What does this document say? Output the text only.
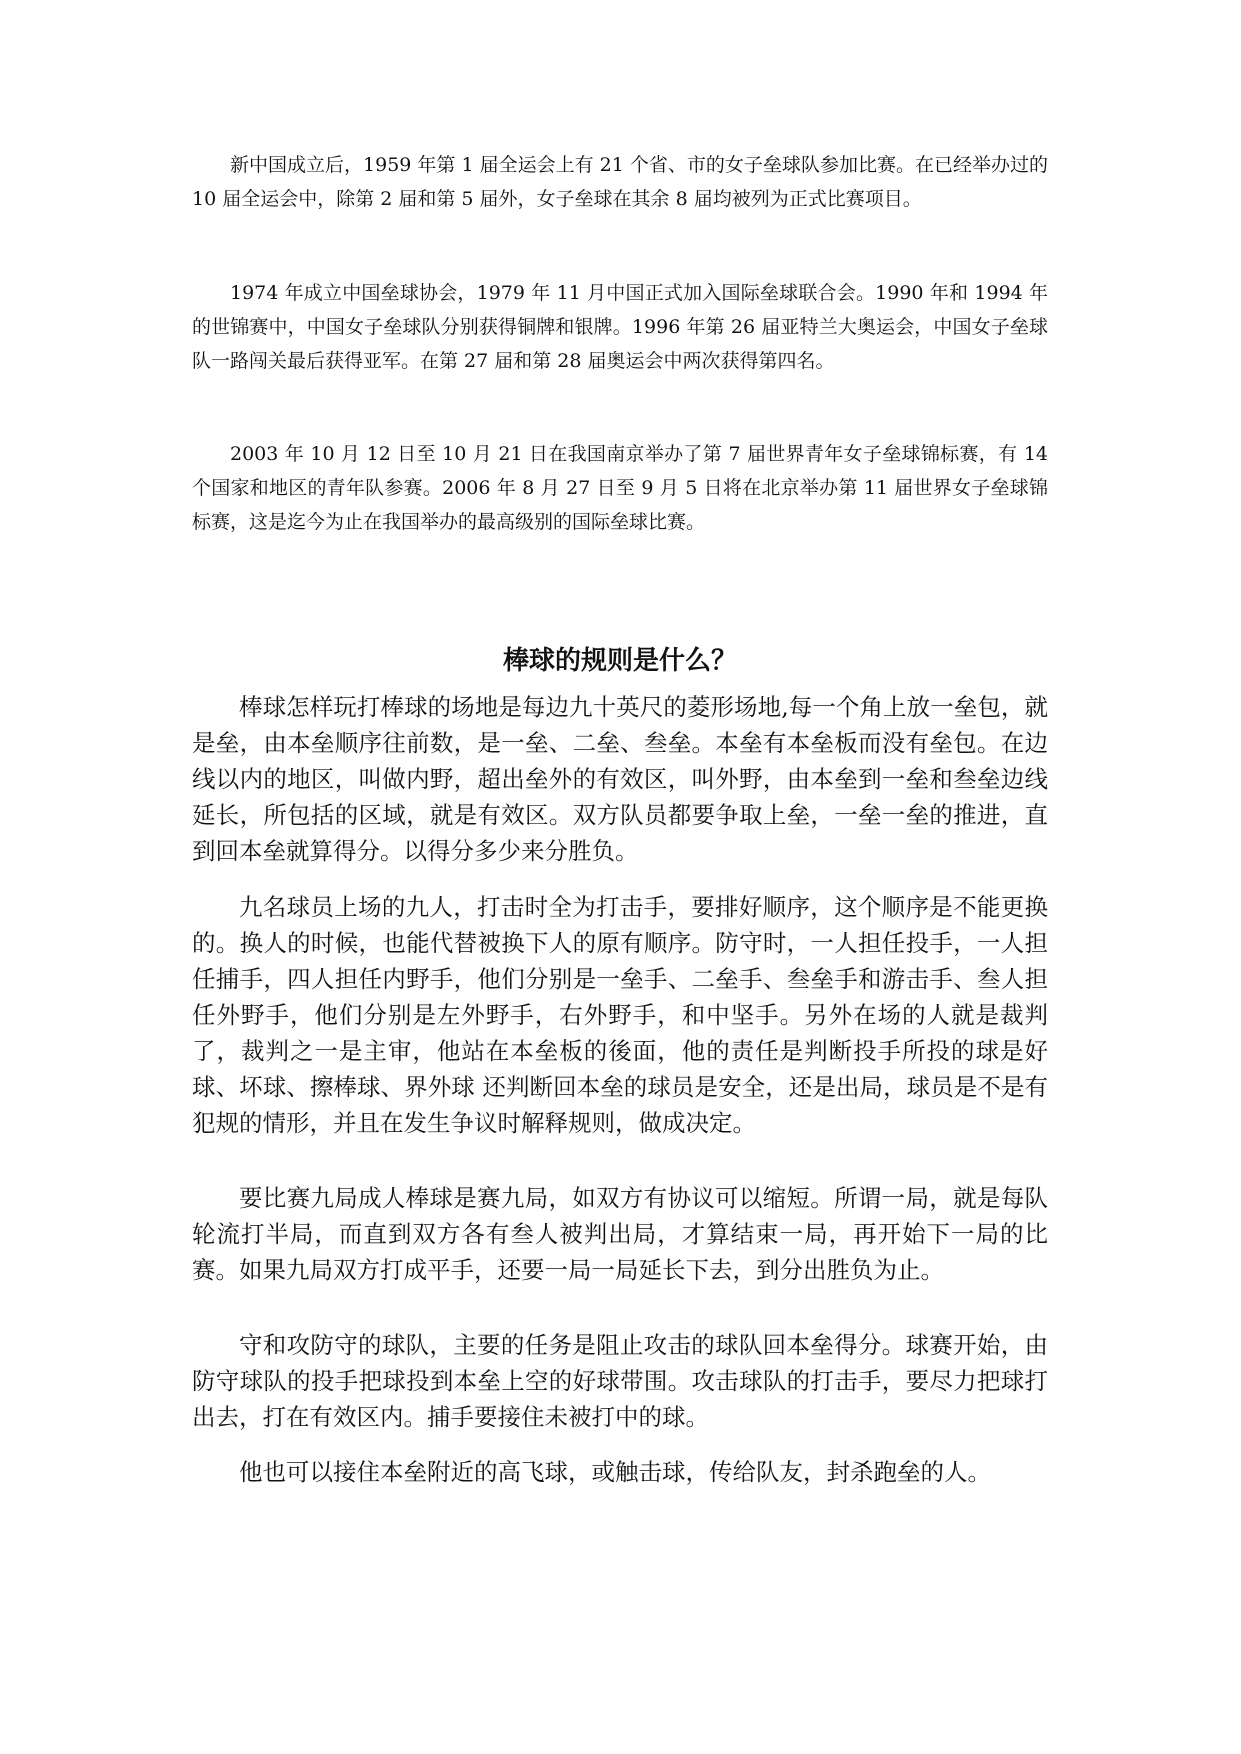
新中国成立后，1959 年第 1 届全运会上有 21 个省、市的女子垒球队参加比赛。在已经举办过的 10 届全运会中，除第 2 届和第 5 届外，女子垒球在其余 8 届均被列为正式比赛项目。

1974 年成立中国垒球协会，1979 年 11 月中国正式加入国际垒球联合会。1990 年和 1994 年的世锦赛中，中国女子垒球队分别获得铜牌和银牌。1996 年第 26 届亚特兰大奥运会，中国女子垒球队一路闯关最后获得亚军。在第 27 届和第 28 届奥运会中两次获得第四名。

2003 年 10 月 12 日至 10 月 21 日在我国南京举办了第 7 届世界青年女子垒球锦标赛，有 14 个国家和地区的青年队参赛。2006 年 8 月 27 日至 9 月 5 日将在北京举办第 11 届世界女子垒球锦标赛，这是迄今为止在我国举办的最高级别的国际垒球比赛。

棒球的规则是什么？

棒球怎样玩打棒球的场地是每边九十英尺的菱形场地,每一个角上放一垒包，就是垒，由本垒顺序往前数，是一垒、二垒、叁垒。本垒有本垒板而没有垒包。在边线以内的地区，叫做内野，超出垒外的有效区，叫外野，由本垒到一垒和叁垒边线延长，所包括的区域，就是有效区。双方队员都要争取上垒，一垒一垒的推进，直到回本垒就算得分。以得分多少来分胜负。

九名球员上场的九人，打击时全为打击手，要排好顺序，这个顺序是不能更换的。换人的时候，也能代替被换下人的原有顺序。防守时，一人担任投手，一人担任捕手，四人担任内野手，他们分别是一垒手、二垒手、叁垒手和游击手、叁人担任外野手，他们分别是左外野手，右外野手，和中坚手。另外在场的人就是裁判了，裁判之一是主审，他站在本垒板的後面，他的责任是判断投手所投的球是好球、坏球、擦棒球、界外球 还判断回本垒的球员是安全，还是出局，球员是不是有犯规的情形，并且在发生争议时解释规则，做成决定。

要比赛九局成人棒球是赛九局，如双方有协议可以缩短。所谓一局，就是每队轮流打半局，而直到双方各有叁人被判出局，才算结束一局，再开始下一局的比赛。如果九局双方打成平手，还要一局一局延长下去，到分出胜负为止。

守和攻防守的球队，主要的任务是阻止攻击的球队回本垒得分。球赛开始，由防守球队的投手把球投到本垒上空的好球带围。攻击球队的打击手，要尽力把球打出去，打在有效区内。捕手要接住未被打中的球。

他也可以接住本垒附近的高飞球，或触击球，传给队友，封杀跑垒的人。
